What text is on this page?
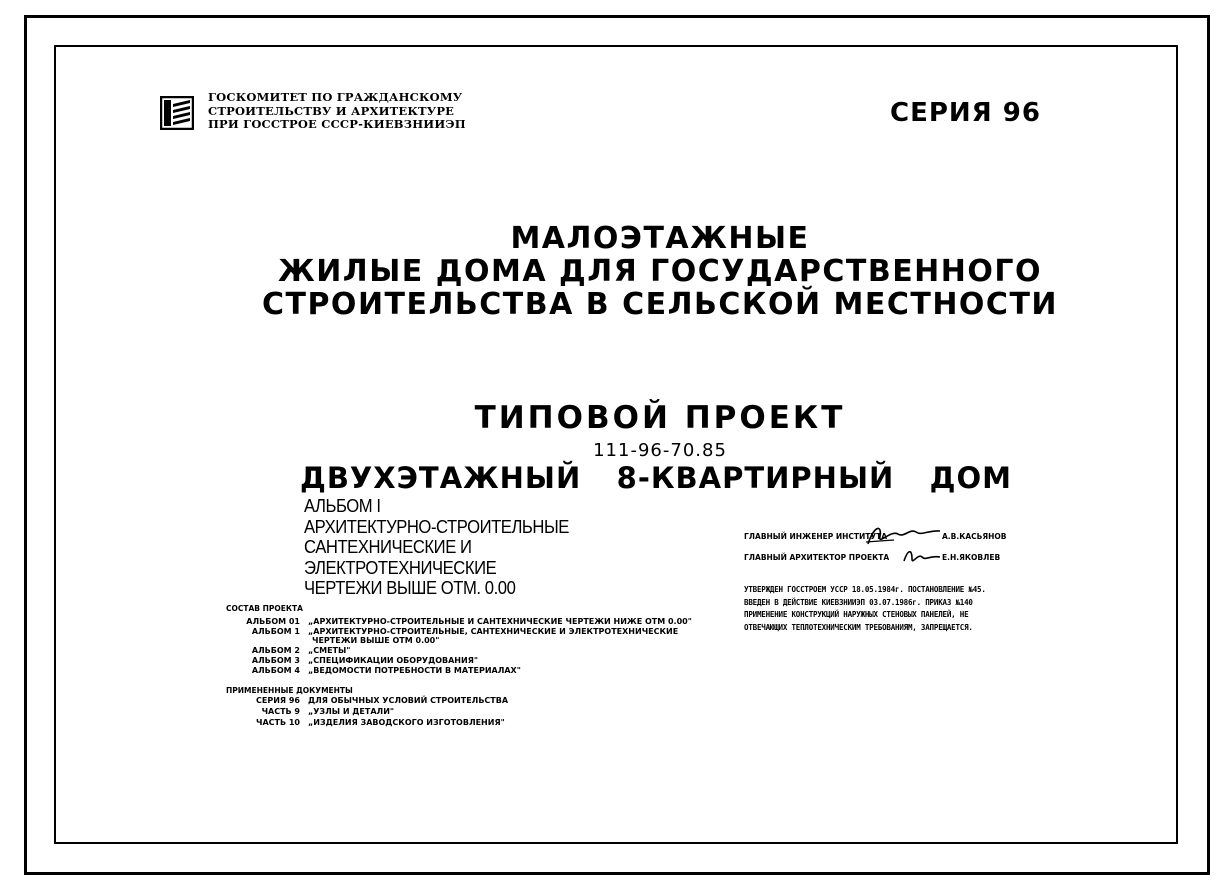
ГОСКОМИТЕТ ПО ГРАЖДАНСКОМУ
СТРОИТЕЛЬСТВУ И АРХИТЕКТУРЕ
ПРИ ГОССТРОЕ СССР-КИЕВЗНИИЭП	СЕРИЯ 96
МАЛОЭТАЖНЫЕ
ЖИЛЫЕ ДОМА ДЛЯ ГОСУДАРСТВЕННОГО
СТРОИТЕЛЬСТВА В СЕЛЬСКОЙ МЕСТНОСТИ
ТИПОВОЙ ПРОЕКТ
111-96-70.85
ДВУХЭТАЖНЫЙ 8-КВАРТИРНЫЙ ДОМ
АЛЬБОМ I
АРХИТЕКТУРНО-СТРОИТЕЛЬНЫЕ
САНТЕХНИЧЕСКИЕ И
ЭЛЕКТРОТЕХНИЧЕСКИЕ
ЧЕРТЕЖИ ВЫШЕ ОТМ. 0.00
СОСТАВ ПРОЕКТА
АЛЬБОМ 01 „АРХИТЕКТУРНО-СТРОИТЕЛЬНЫЕ И САНТЕХНИЧЕСКИЕ ЧЕРТЕЖИ НИЖЕ ОТМ 0.00"
АЛЬБОМ 1 „АРХИТЕКТУРНО-СТРОИТЕЛЬНЫЕ, САНТЕХНИЧЕСКИЕ И ЭЛЕКТРОТЕХНИЧЕСКИЕ
ЧЕРТЕЖИ ВЫШЕ ОТМ 0.00"
АЛЬБОМ 2 „СМЕТЫ"
АЛЬБОМ 3 „СПЕЦИФИКАЦИИ ОБОРУДОВАНИЯ"
АЛЬБОМ 4 „ВЕДОМОСТИ ПОТРЕБНОСТИ В МАТЕРИАЛАХ"
ПРИМЕНЕННЫЕ ДОКУМЕНТЫ
СЕРИЯ 96 ДЛЯ ОБЫЧНЫХ УСЛОВИЙ СТРОИТЕЛЬСТВА
ЧАСТЬ 9 „УЗЛЫ И ДЕТАЛИ"
ЧАСТЬ 10 „ИЗДЕЛИЯ ЗАВОДСКОГО ИЗГОТОВЛЕНИЯ"
ГЛАВНЫЙ ИНЖЕНЕР ИНСТИТУТА	А.В.КАСЬЯНОВ
ГЛАВНЫЙ АРХИТЕКТОР ПРОЕКТА	Е.Н.ЯКОВЛЕВ
УТВЕРЖДЕН ГОССТРОЕМ УССР 18.05.1984г. ПОСТАНОВЛЕНИЕ №45.
ВВЕДЕН В ДЕЙСТВИЕ КИЕВЗНИИЭП 03.07.1986г. ПРИКАЗ №140
ПРИМЕНЕНИЕ КОНСТРУКЦИЙ НАРУЖНЫХ СТЕНОВЫХ ПАНЕЛЕЙ, НЕ
ОТВЕЧАЮЩИХ ТЕПЛОТЕХНИЧЕСКИМ ТРЕБОВАНИЯМ, ЗАПРЕЩАЕТСЯ.
